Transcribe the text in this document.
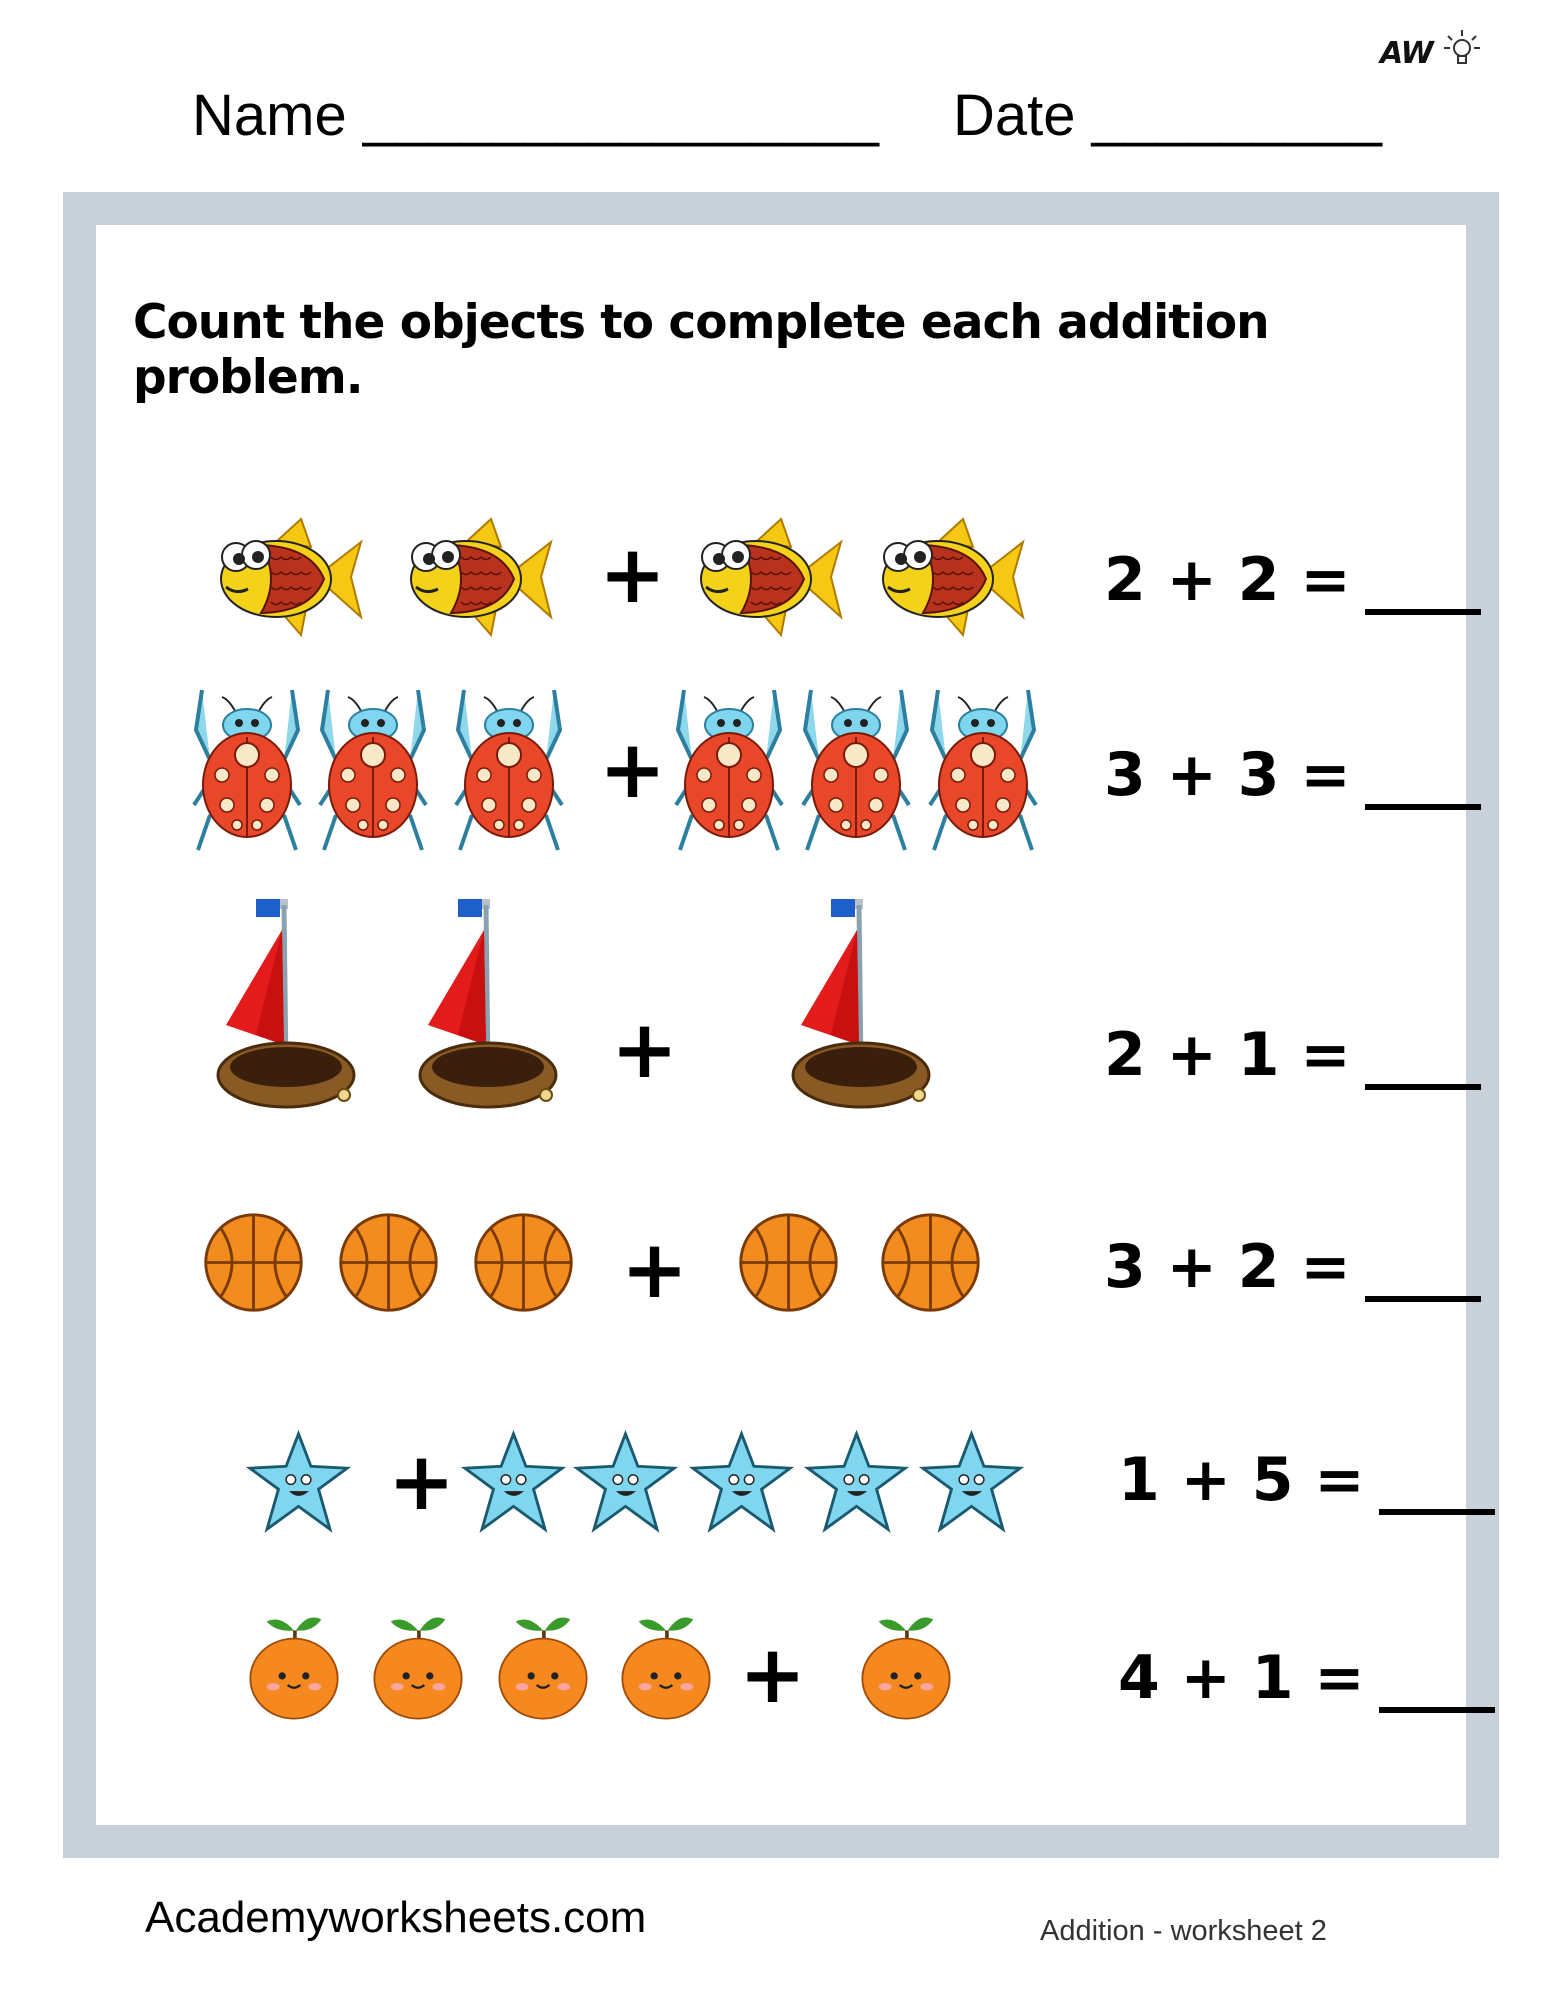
AW
Name ________________ Date _________
Count the objects to complete each addition problem.
+	2 + 2 =
+	3 + 3 =
+	2 + 1 =
+	3 + 2 =
+	1 + 5 =
+	4 + 1 =
Academyworksheets.com	Addition - worksheet 2
